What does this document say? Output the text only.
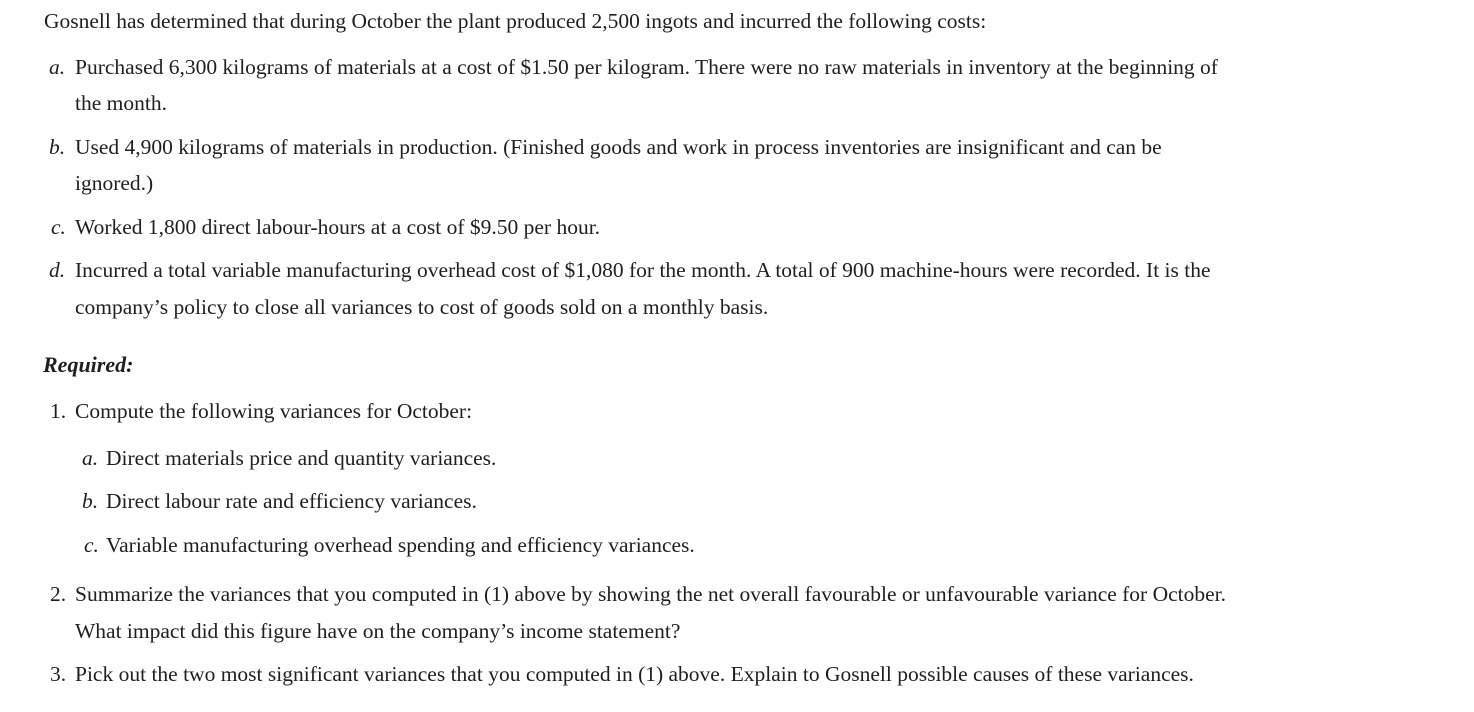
Gosnell has determined that during October the plant produced 2,500 ingots and incurred the following costs:
a. Purchased 6,300 kilograms of materials at a cost of $1.50 per kilogram. There were no raw materials in inventory at the beginning of
the month.
b. Used 4,900 kilograms of materials in production. (Finished goods and work in process inventories are insignificant and can be
ignored.)
c. Worked 1,800 direct labour-hours at a cost of $9.50 per hour.
d. Incurred a total variable manufacturing overhead cost of $1,080 for the month. A total of 900 machine-hours were recorded. It is the
company’s policy to close all variances to cost of goods sold on a monthly basis.
Required:
1. Compute the following variances for October:
a. Direct materials price and quantity variances.
b. Direct labour rate and efficiency variances.
c. Variable manufacturing overhead spending and efficiency variances.
2. Summarize the variances that you computed in (1) above by showing the net overall favourable or unfavourable variance for October.
What impact did this figure have on the company’s income statement?
3. Pick out the two most significant variances that you computed in (1) above. Explain to Gosnell possible causes of these variances.
